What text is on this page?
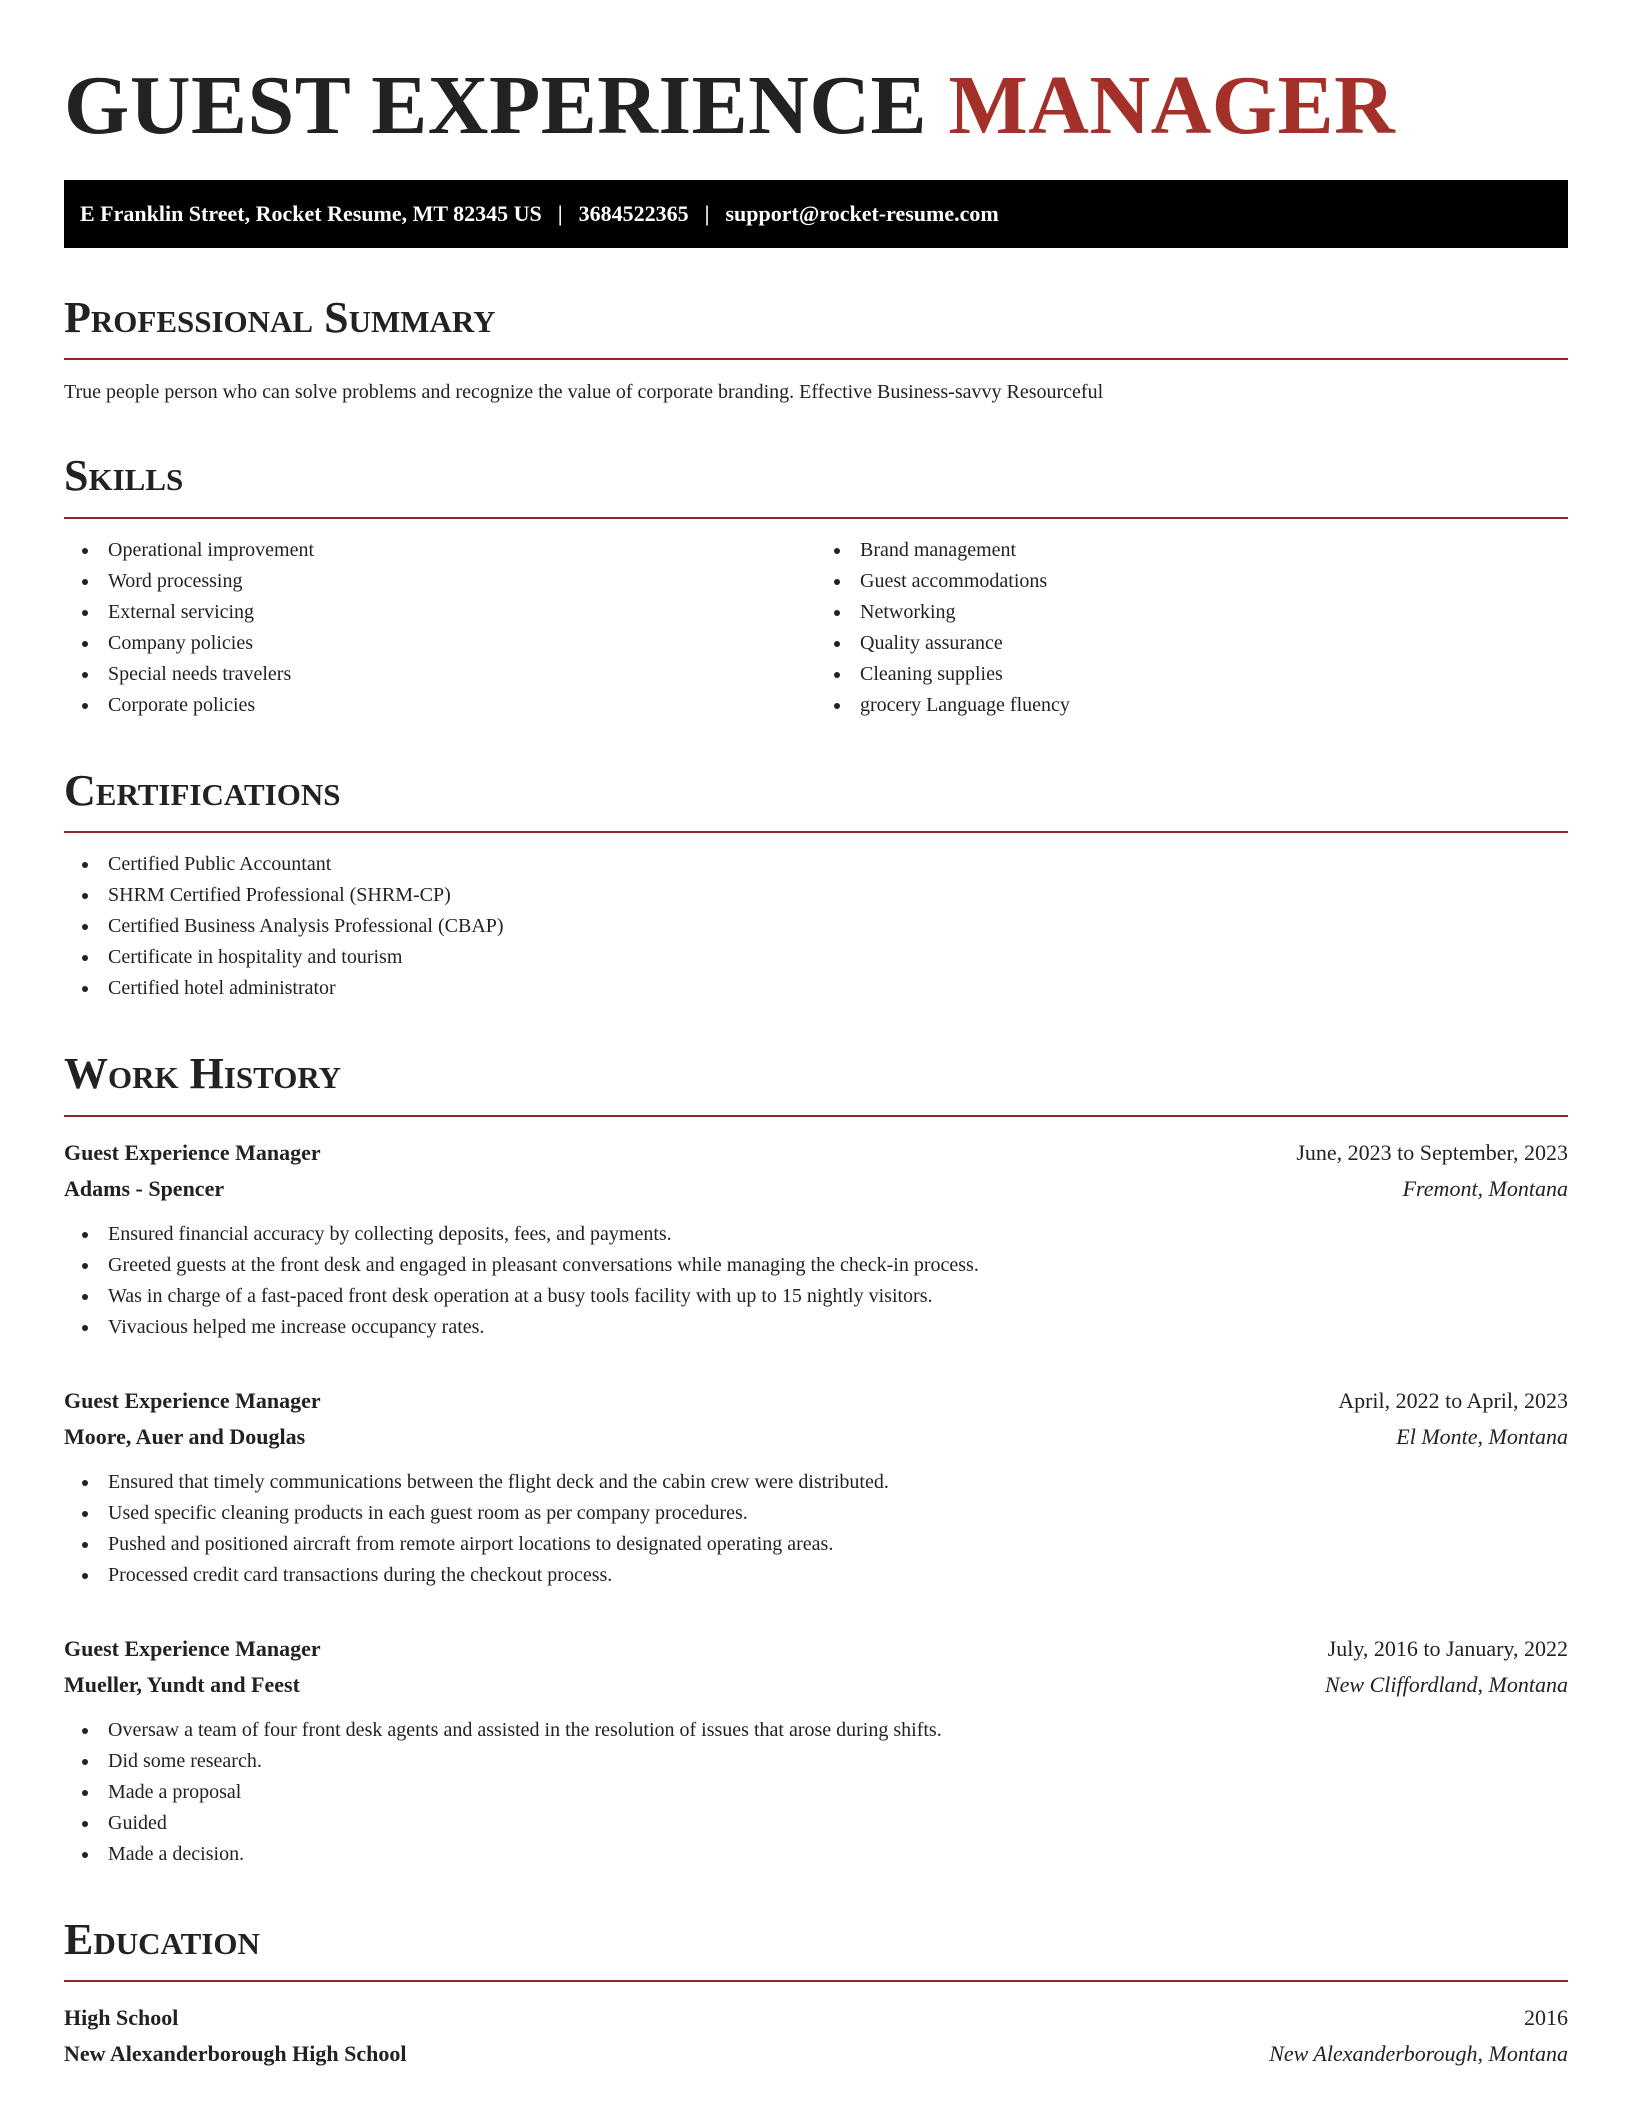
GUEST EXPERIENCE MANAGER
E Franklin Street, Rocket Resume, MT 82345 US | 3684522365 | support@rocket-resume.com
Professional Summary

True people person who can solve problems and recognize the value of corporate branding. Effective Business-savvy Resourceful

Skills
Operational improvement
Word processing
External servicing
Company policies
Special needs travelers
Corporate policies
Brand management
Guest accommodations
Networking
Quality assurance
Cleaning supplies
grocery Language fluency
Certifications
Certified Public Accountant
SHRM Certified Professional (SHRM-CP)
Certified Business Analysis Professional (CBAP)
Certificate in hospitality and tourism
Certified hotel administrator
Work History
Guest Experience Manager	June, 2023 to September, 2023
Adams - Spencer	Fremont, Montana
Ensured financial accuracy by collecting deposits, fees, and payments.
Greeted guests at the front desk and engaged in pleasant conversations while managing the check-in process.
Was in charge of a fast-paced front desk operation at a busy tools facility with up to 15 nightly visitors.
Vivacious helped me increase occupancy rates.
Guest Experience Manager	April, 2022 to April, 2023
Moore, Auer and Douglas	El Monte, Montana
Ensured that timely communications between the flight deck and the cabin crew were distributed.
Used specific cleaning products in each guest room as per company procedures.
Pushed and positioned aircraft from remote airport locations to designated operating areas.
Processed credit card transactions during the checkout process.
Guest Experience Manager	July, 2016 to January, 2022
Mueller, Yundt and Feest	New Cliffordland, Montana
Oversaw a team of four front desk agents and assisted in the resolution of issues that arose during shifts.
Did some research.
Made a proposal
Guided
Made a decision.
Education
High School	2016
New Alexanderborough High School	New Alexanderborough, Montana
